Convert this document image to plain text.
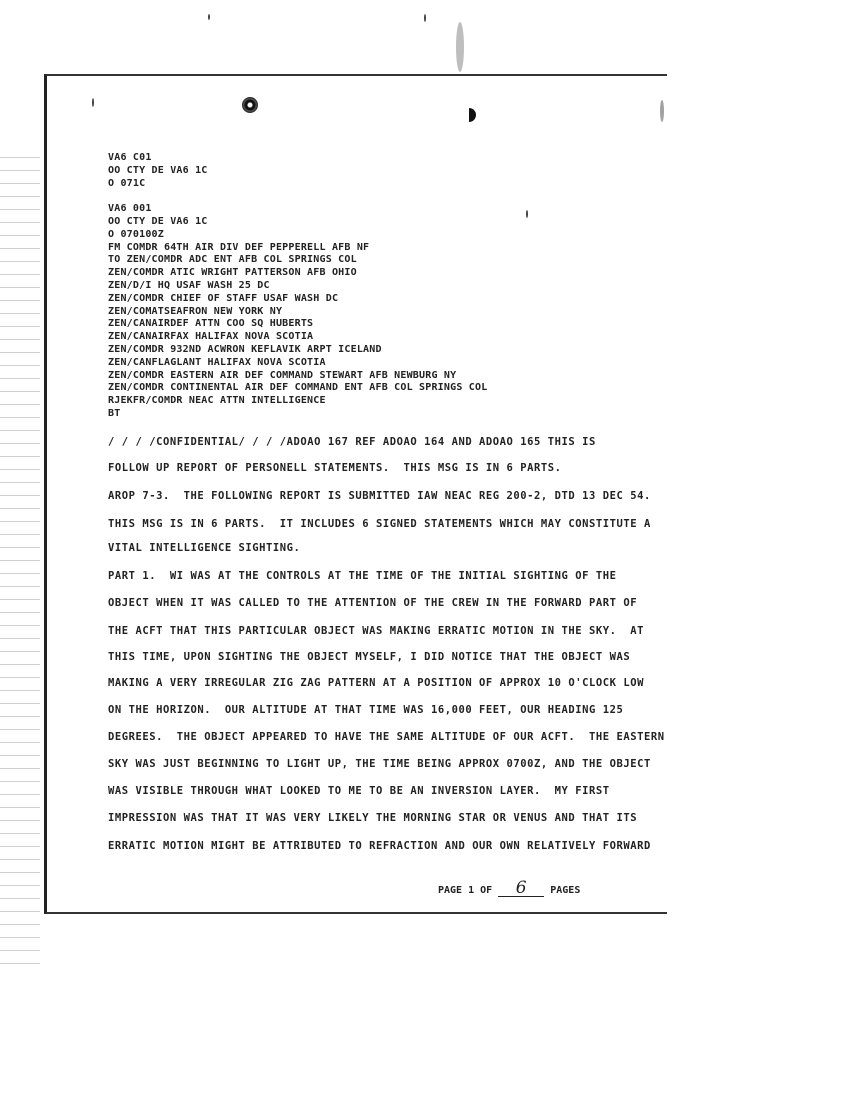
VA6 C01
OO CTY DE VA6 1C
O 071C
VA6 001
OO CTY DE VA6 1C
O 070100Z
FM COMDR 64TH AIR DIV DEF PEPPERELL AFB NF
TO ZEN/COMDR ADC ENT AFB COL SPRINGS COL
ZEN/COMDR ATIC WRIGHT PATTERSON AFB OHIO
ZEN/D/I HQ USAF WASH 25 DC
ZEN/COMDR CHIEF OF STAFF USAF WASH DC
ZEN/COMATSEAFRON NEW YORK NY
ZEN/CANAIRDEF ATTN COO SQ HUBERTS
ZEN/CANAIRFAX HALIFAX NOVA SCOTIA
ZEN/COMDR 932ND ACWRON KEFLAVIK ARPT ICELAND
ZEN/CANFLAGLANT HALIFAX NOVA SCOTIA
ZEN/COMDR EASTERN AIR DEF COMMAND STEWART AFB NEWBURG NY
ZEN/COMDR CONTINENTAL AIR DEF COMMAND ENT AFB COL SPRINGS COL
RJEKFR/COMDR NEAC ATTN INTELLIGENCE
BT
/ / / /CONFIDENTIAL/ / / /ADOAO 167 REF ADOAO 164 AND ADOAO 165 THIS IS
FOLLOW UP REPORT OF PERSONELL STATEMENTS.  THIS MSG IS IN 6 PARTS.
AROP 7-3.  THE FOLLOWING REPORT IS SUBMITTED IAW NEAC REG 200-2, DTD 13 DEC 54.
THIS MSG IS IN 6 PARTS.  IT INCLUDES 6 SIGNED STATEMENTS WHICH MAY CONSTITUTE A
VITAL INTELLIGENCE SIGHTING.
PART 1.  WI WAS AT THE CONTROLS AT THE TIME OF THE INITIAL SIGHTING OF THE
OBJECT WHEN IT WAS CALLED TO THE ATTENTION OF THE CREW IN THE FORWARD PART OF
THE ACFT THAT THIS PARTICULAR OBJECT WAS MAKING ERRATIC MOTION IN THE SKY.  AT
THIS TIME, UPON SIGHTING THE OBJECT MYSELF, I DID NOTICE THAT THE OBJECT WAS
MAKING A VERY IRREGULAR ZIG ZAG PATTERN AT A POSITION OF APPROX 10 O'CLOCK LOW
ON THE HORIZON.  OUR ALTITUDE AT THAT TIME WAS 16,000 FEET, OUR HEADING 125
DEGREES.  THE OBJECT APPEARED TO HAVE THE SAME ALTITUDE OF OUR ACFT.  THE EASTERN
SKY WAS JUST BEGINNING TO LIGHT UP, THE TIME BEING APPROX 0700Z, AND THE OBJECT
WAS VISIBLE THROUGH WHAT LOOKED TO ME TO BE AN INVERSION LAYER.  MY FIRST
IMPRESSION WAS THAT IT WAS VERY LIKELY THE MORNING STAR OR VENUS AND THAT ITS
ERRATIC MOTION MIGHT BE ATTRIBUTED TO REFRACTION AND OUR OWN RELATIVELY FORWARD
PAGE 1 OF 6 PAGES
